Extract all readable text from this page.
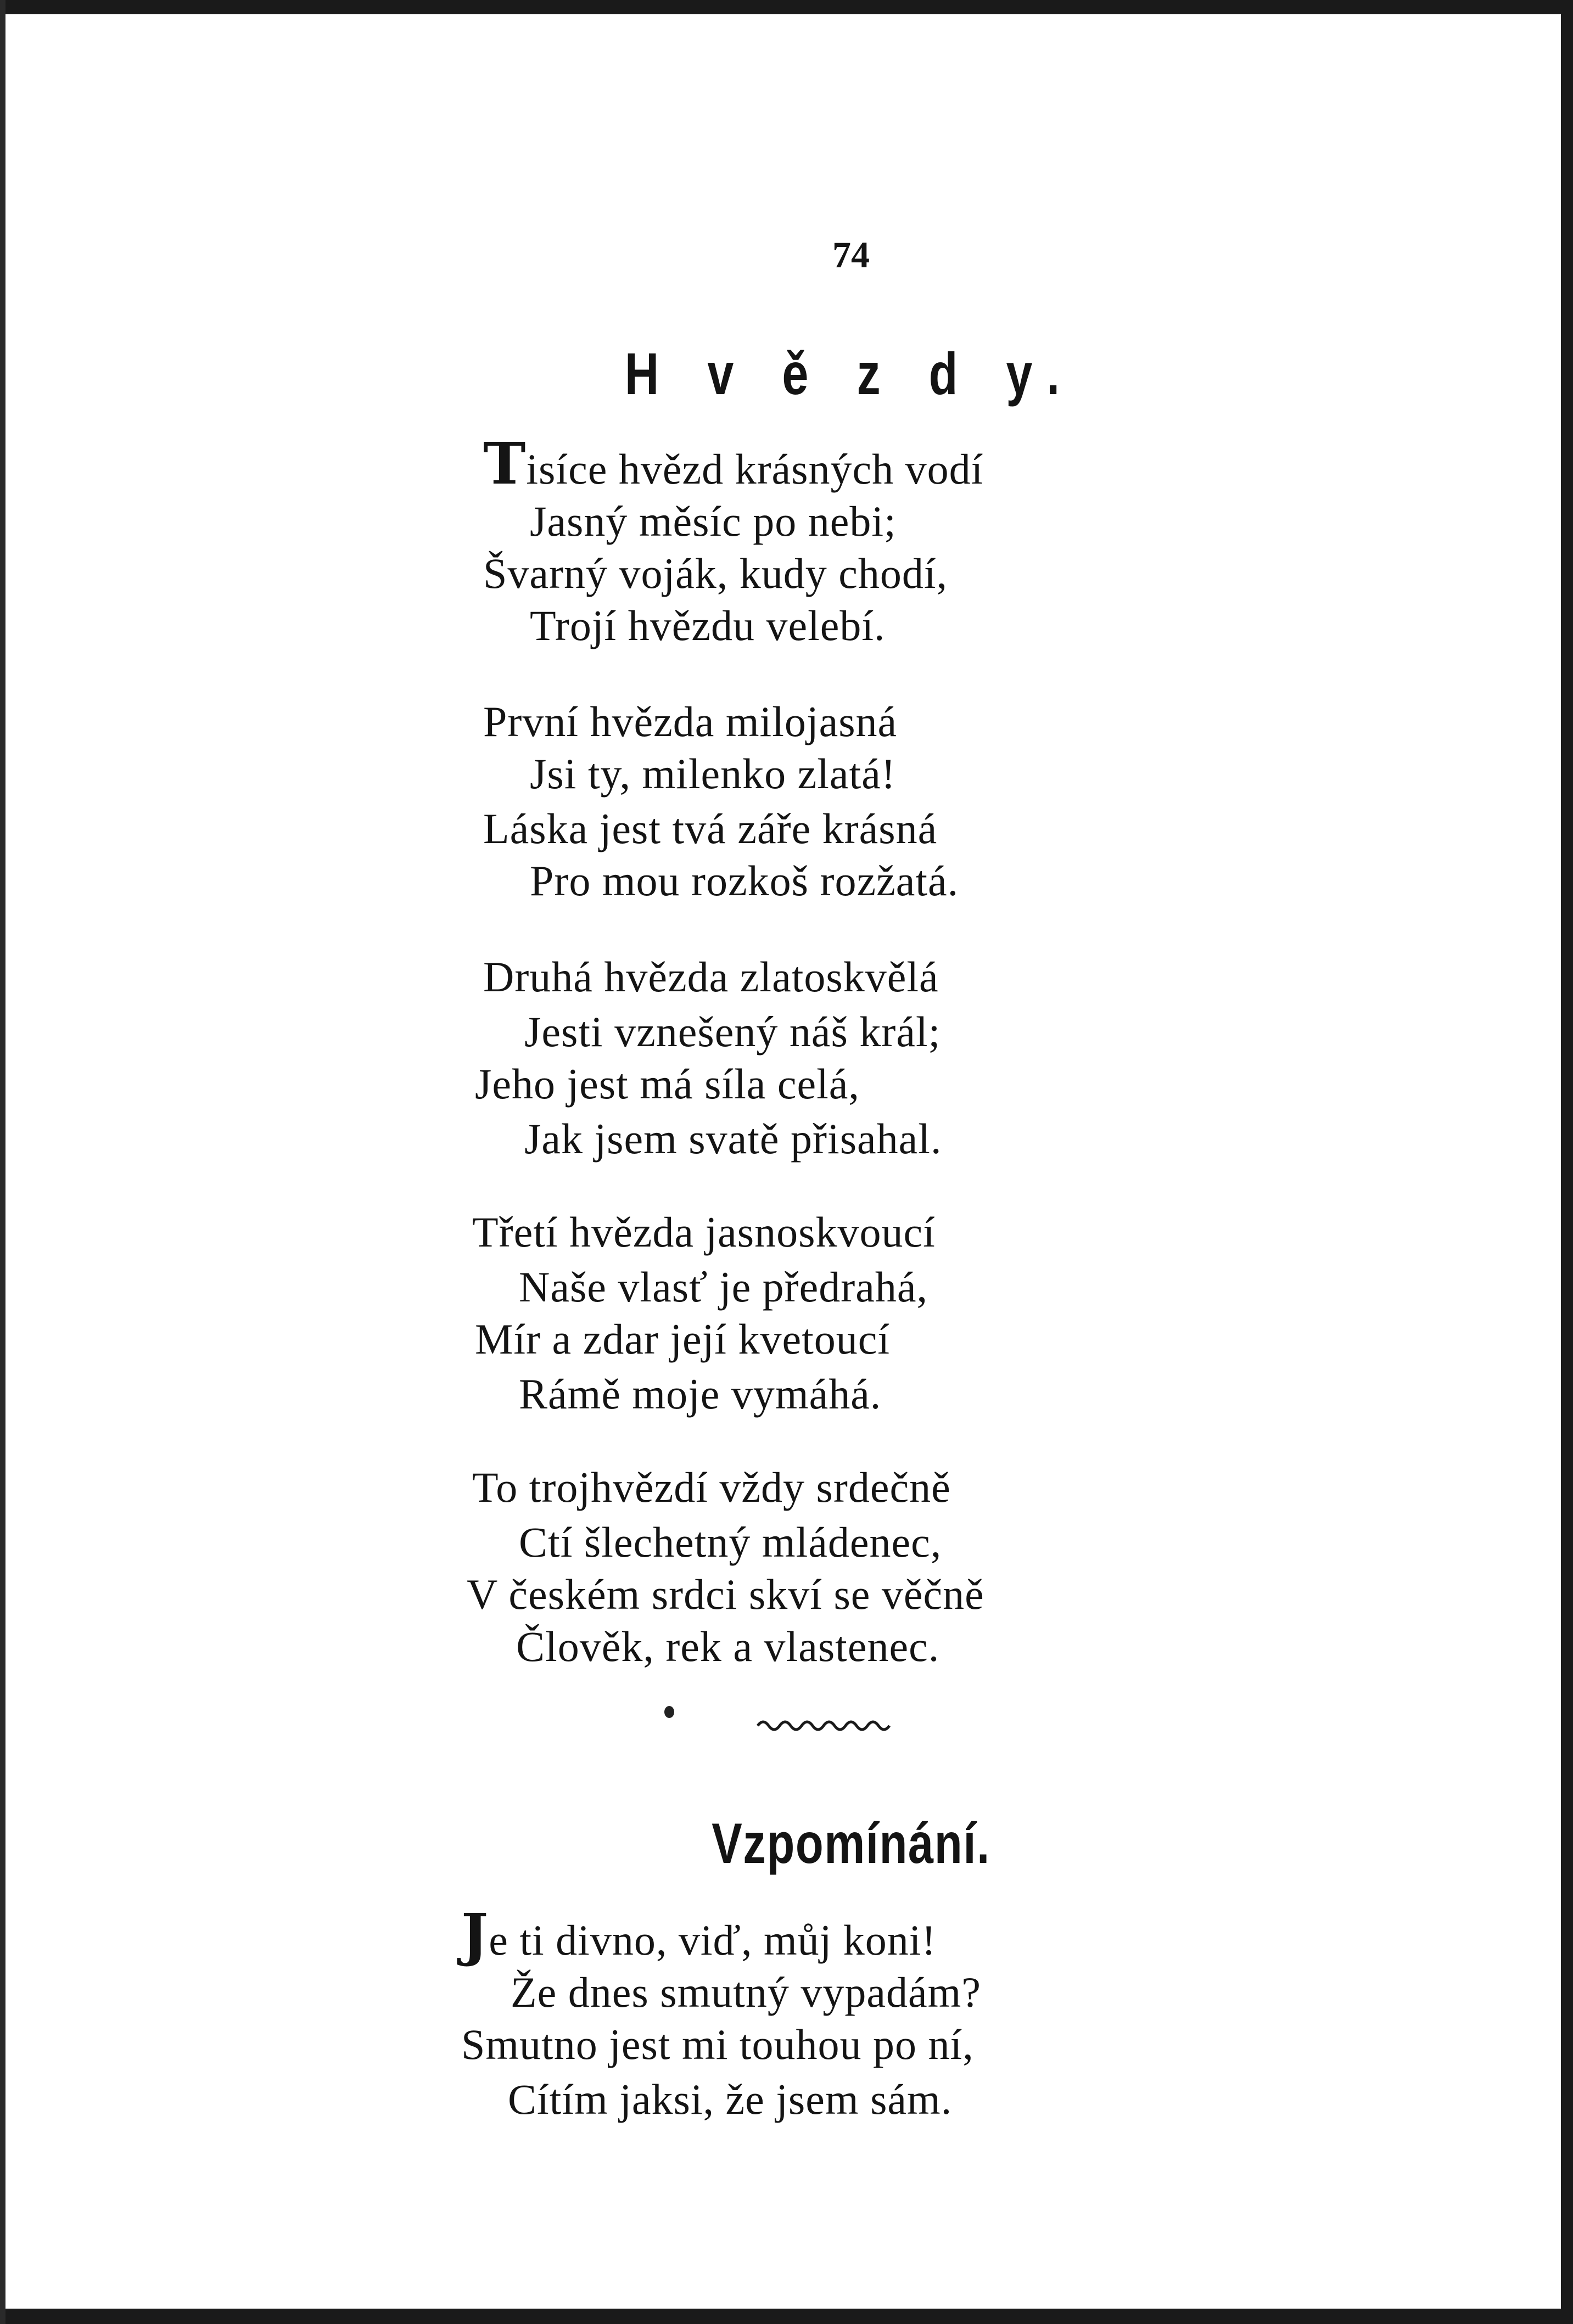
74
H v ě z d y.
Tisíce hvězd krásných vodí
Jasný měsíc po nebi;
Švarný voják, kudy chodí,
Trojí hvězdu velebí.
První hvězda milojasná
Jsi ty, milenko zlatá!
Láska jest tvá záře krásná
Pro mou rozkoš rozžatá.
Druhá hvězda zlatoskvělá
Jesti vznešený náš král;
Jeho jest má síla celá,
Jak jsem svatě přisahal.
Třetí hvězda jasnoskvoucí
Naše vlasť je předrahá,
Mír a zdar její kvetoucí
Rámě moje vymáhá.
To trojhvězdí vždy srdečně
Ctí šlechetný mládenec,
V českém srdci skví se věčně
Člověk, rek a vlastenec.
Vzpomínání.
Je ti divno, viď, můj koni!
Že dnes smutný vypadám?
Smutno jest mi touhou po ní,
Cítím jaksi, že jsem sám.
